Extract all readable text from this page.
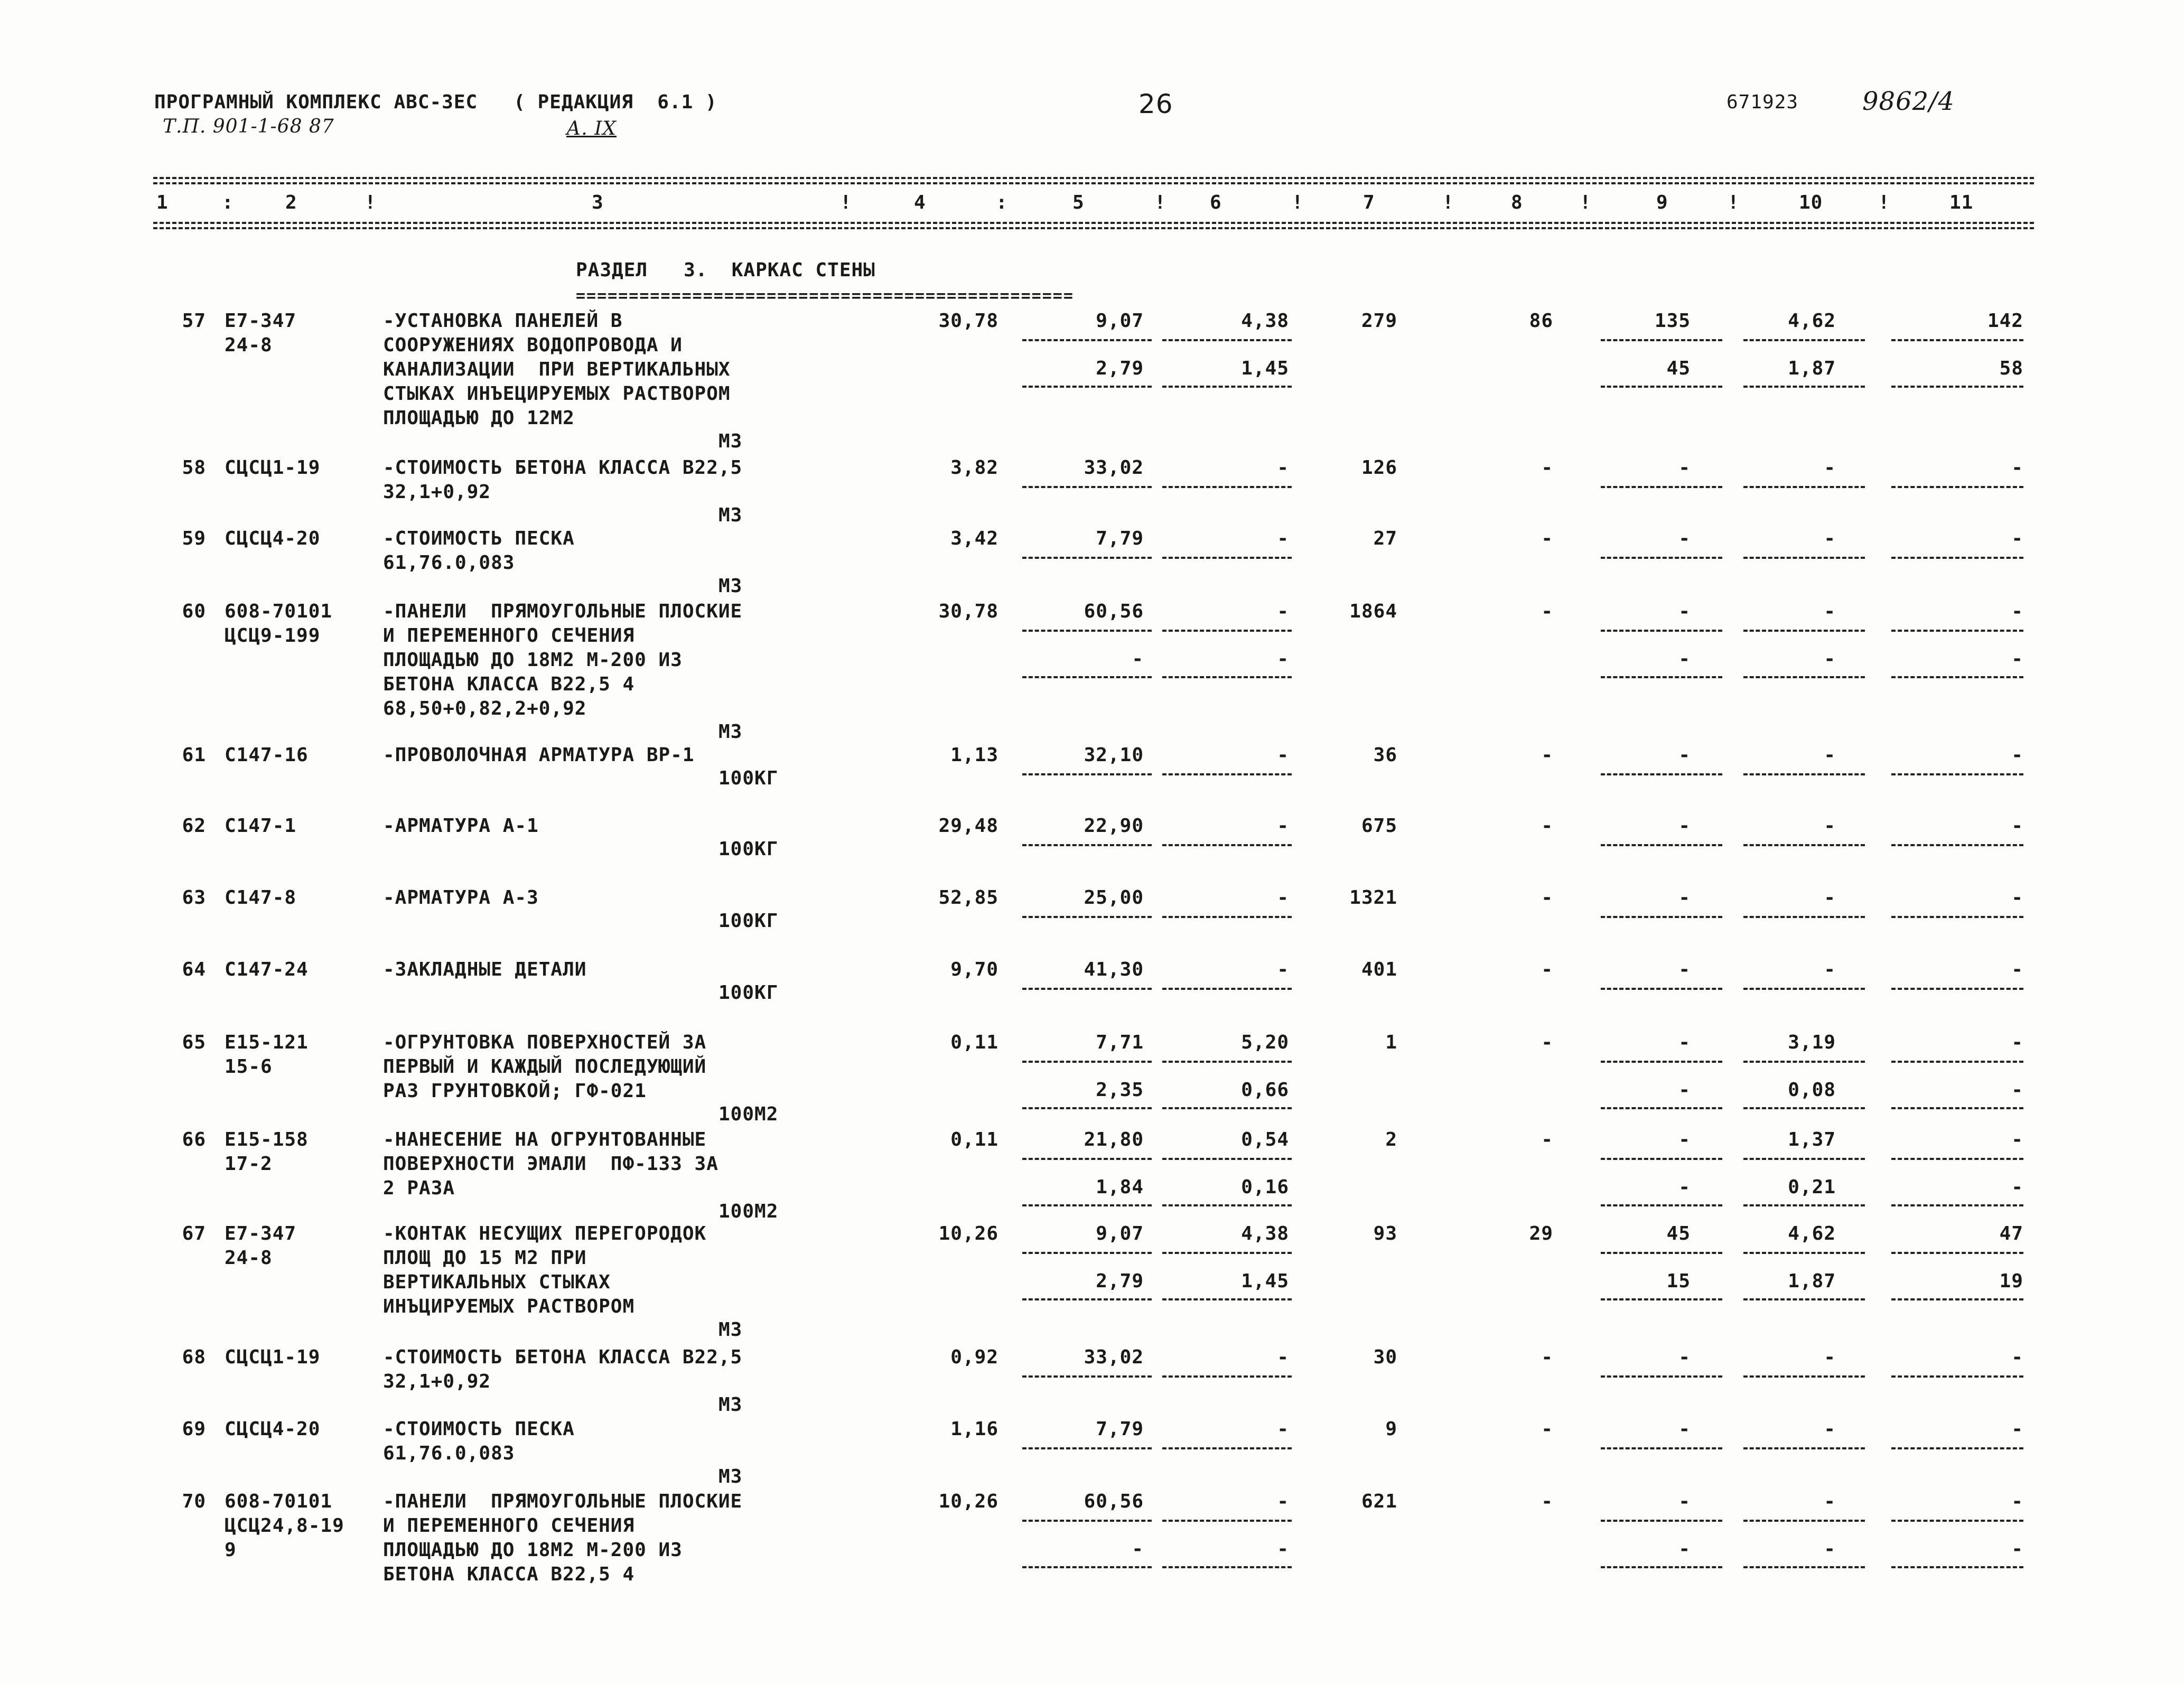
ПРОГРАМНЫЙ КОМПЛЕКС АВС-ЗЕС   ( РЕДАКЦИЯ  6.1 )
Т.П. 901-1-68 87	А. IX
26	671923	9862/4
1	2	3	4	5	6	7	8	9	10	11
:	!	!	:	!	!	!	!	!	!
РАЗДЕЛ   3.  КАРКАС СТЕНЫ
===============================================
57 Е7-347
24-8
-УСТАНОВКА ПАНЕЛЕЙ В
СООРУЖЕНИЯХ ВОДОПРОВОДА И
КАНАЛИЗАЦИИ  ПРИ ВЕРТИКАЛЬНЫХ
СТЫКАХ ИНЪЕЦИРУЕМЫХ РАСТВОРОМ
ПЛОЩАДЬЮ ДО 12М2
М3
30,78	9,07	4,38	279	86	135	4,62	142
2,79	1,45	45	1,87	58
58 СЦСЦ1-19	-СТОИМОСТЬ БЕТОНА КЛАССА В22,5
32,1+0,92
М3
3,82	33,02	-	126	-	-	-	-
59 СЦСЦ4-20	-СТОИМОСТЬ ПЕСКА
61,76.0,083
М3
3,42	7,79	-	27	-	-	-	-
60 608-70101
ЦСЦ9-199
-ПАНЕЛИ  ПРЯМОУГОЛЬНЫЕ ПЛОСКИЕ
И ПЕРЕМЕННОГО СЕЧЕНИЯ
ПЛОЩАДЬЮ ДО 18М2 М-200 ИЗ
БЕТОНА КЛАССА В22,5 4
68,50+0,82,2+0,92
М3
30,78	60,56	-	1864	-	-	-	-
-	-	-	-	-
61 С147-16	-ПРОВОЛОЧНАЯ АРМАТУРА ВР-1
100КГ
1,13	32,10	-	36	-	-	-	-
62 С147-1	-АРМАТУРА А-1
100КГ
29,48	22,90	-	675	-	-	-	-
63 С147-8	-АРМАТУРА А-3
100КГ
52,85	25,00	-	1321	-	-	-	-
64 С147-24	-ЗАКЛАДНЫЕ ДЕТАЛИ
100КГ
9,70	41,30	-	401	-	-	-	-
65 Е15-121
15-6
-ОГРУНТОВКА ПОВЕРХНОСТЕЙ ЗА
ПЕРВЫЙ И КАЖДЫЙ ПОСЛЕДУЮЩИЙ
РАЗ ГРУНТОВКОЙ; ГФ-021
100М2
0,11	7,71	5,20	1	-	-	3,19	-
2,35	0,66	-	0,08	-
66 Е15-158
17-2
-НАНЕСЕНИЕ НА ОГРУНТОВАННЫЕ
ПОВЕРХНОСТИ ЭМАЛИ  ПФ-133 ЗА
2 РАЗА
100М2
0,11	21,80	0,54	2	-	-	1,37	-
1,84	0,16	-	0,21	-
67 Е7-347
24-8
-КОНТАК НЕСУЩИХ ПЕРЕГОРОДОК
ПЛОЩ ДО 15 М2 ПРИ
ВЕРТИКАЛЬНЫХ СТЫКАХ
ИНЪЦИРУЕМЫХ РАСТВОРОМ
М3
10,26	9,07	4,38	93	29	45	4,62	47
2,79	1,45	15	1,87	19
68 СЦСЦ1-19	-СТОИМОСТЬ БЕТОНА КЛАССА В22,5
32,1+0,92
М3
0,92	33,02	-	30	-	-	-	-
69 СЦСЦ4-20	-СТОИМОСТЬ ПЕСКА
61,76.0,083
М3
1,16	7,79	-	9	-	-	-	-
70 608-70101
ЦСЦ24,8-19
9
-ПАНЕЛИ  ПРЯМОУГОЛЬНЫЕ ПЛОСКИЕ
И ПЕРЕМЕННОГО СЕЧЕНИЯ
ПЛОЩАДЬЮ ДО 18М2 М-200 ИЗ
БЕТОНА КЛАССА В22,5 4
10,26	60,56	-	621	-	-	-	-
-	-	-	-	-
